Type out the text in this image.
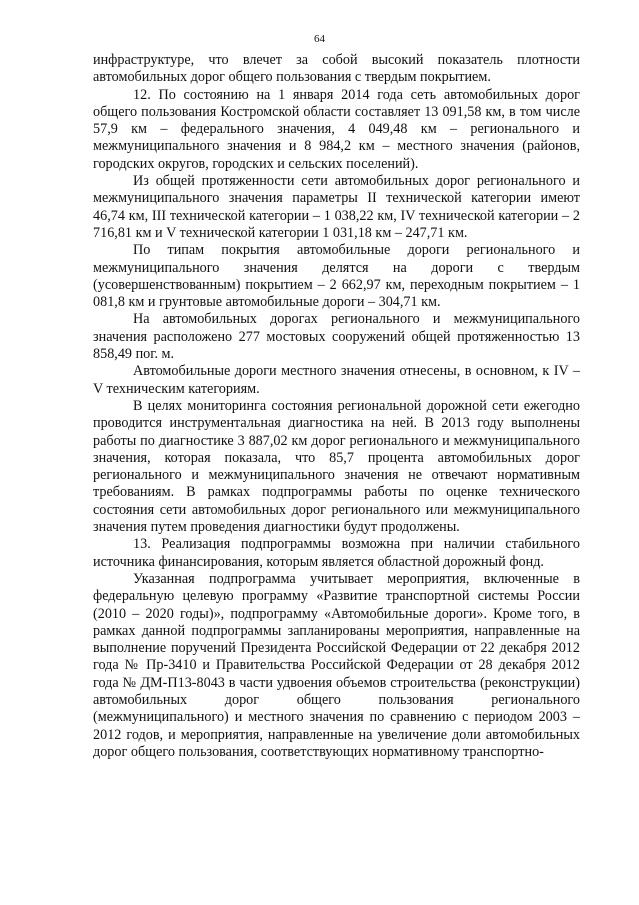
64

инфраструктуре, что влечет за собой высокий показатель плотности автомобильных дорог общего пользования с твердым покрытием.

12. По состоянию на 1 января 2014 года сеть автомобильных дорог общего пользования Костромской области составляет 13 091,58 км, в том числе 57,9 км – федерального значения, 4 049,48 км – регионального и межмуниципального значения и 8 984,2 км – местного значения (районов, городских округов, городских и сельских поселений).

Из общей протяженности сети автомобильных дорог регионального и межмуниципального значения параметры II технической категории имеют 46,74 км, III технической категории – 1 038,22 км, IV технической категории – 2 716,81 км и V технической категории 1 031,18 км – 247,71 км.

По типам покрытия автомобильные дороги регионального и межмуниципального значения делятся на дороги с твердым (усовершенствованным) покрытием – 2 662,97 км, переходным покрытием – 1 081,8 км и грунтовые автомобильные дороги – 304,71 км.

На автомобильных дорогах регионального и межмуниципального значения расположено 277 мостовых сооружений общей протяженностью 13 858,49 пог. м.

Автомобильные дороги местного значения отнесены, в основном, к IV – V техническим категориям.

В целях мониторинга состояния региональной дорожной сети ежегодно проводится инструментальная диагностика на ней. В 2013 году выполнены работы по диагностике 3 887,02 км дорог регионального и межмуниципального значения, которая показала, что 85,7 процента автомобильных дорог регионального и межмуниципального значения не отвечают нормативным требованиям. В рамках подпрограммы работы по оценке технического состояния сети автомобильных дорог регионального или межмуниципального значения путем проведения диагностики будут продолжены.

13. Реализация подпрограммы возможна при наличии стабильного источника финансирования, которым является областной дорожный фонд.

Указанная подпрограмма учитывает мероприятия, включенные в федеральную целевую программу «Развитие транспортной системы России (2010 – 2020 годы)», подпрограмму «Автомобильные дороги». Кроме того, в рамках данной подпрограммы запланированы мероприятия, направленные на выполнение поручений Президента Российской Федерации от 22 декабря 2012 года № Пр-3410 и Правительства Российской Федерации от 28 декабря 2012 года № ДМ-П13-8043 в части удвоения объемов строительства (реконструкции) автомобильных дорог общего пользования регионального (межмуниципального) и местного значения по сравнению с периодом 2003 – 2012 годов, и мероприятия, направленные на увеличение доли автомобильных дорог общего пользования, соответствующих нормативному транспортно-
